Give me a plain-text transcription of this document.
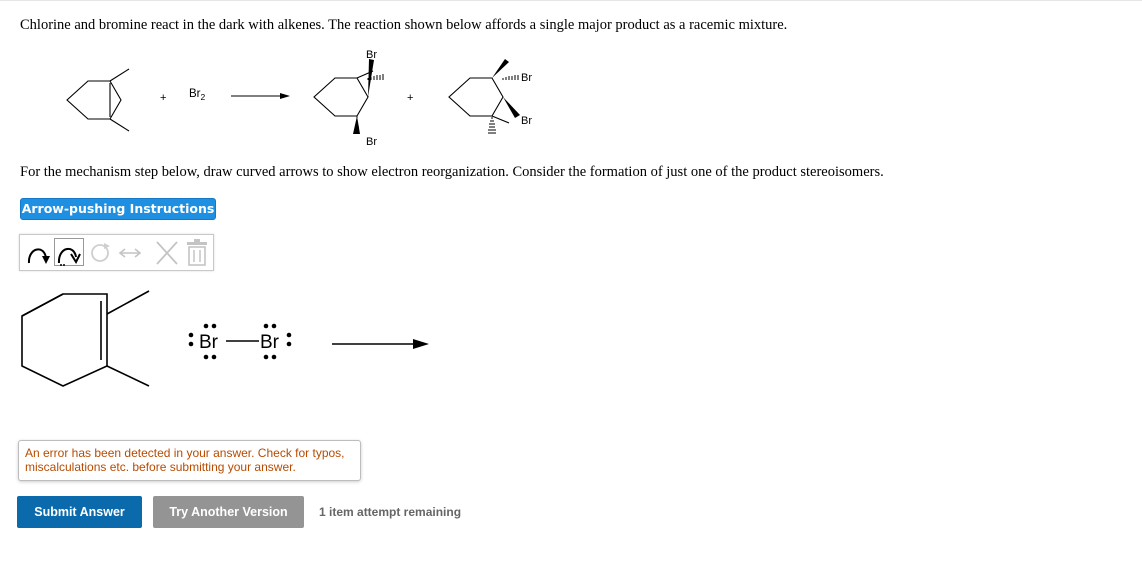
Chlorine and bromine react in the dark with alkenes. The reaction shown below affords a single major product as a racemic mixture.
+ $Br_2$	+
Br
Br
Br
Br
For the mechanism step below, draw curved arrows to show electron reorganization. Consider the formation of just one of the product stereoisomers.
Arrow-pushing Instructions
Br Br
An error has been detected in your answer. Check for typos, miscalculations etc. before submitting your answer.
Submit Answer	Try Another Version	1 item attempt remaining
